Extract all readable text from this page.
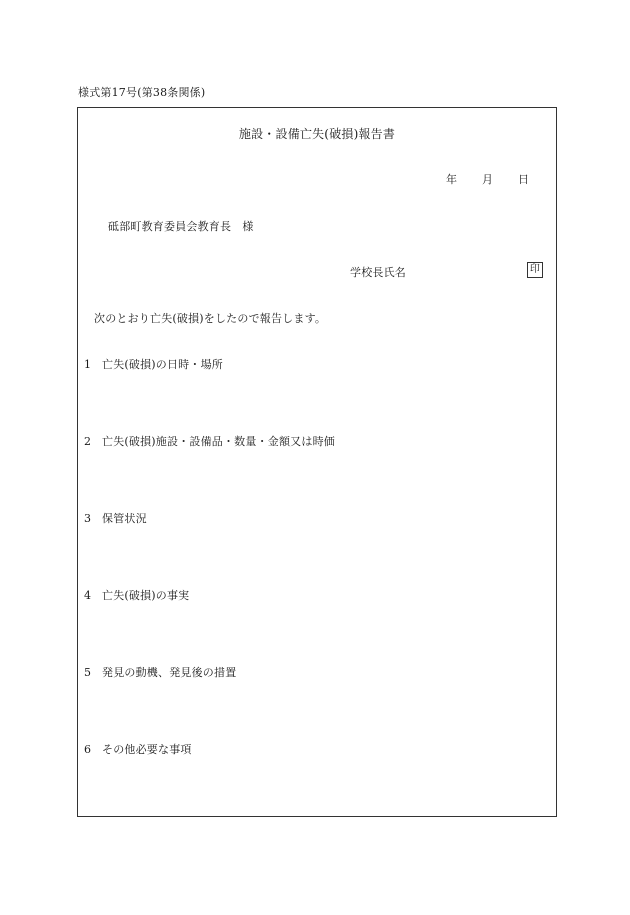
様式第17号(第38条関係)
施設・設備亡失(破損)報告書
年 月 日
砥部町教育委員会教育長　様
学校長氏名	印
次のとおり亡失(破損)をしたので報告します。
1 亡失(破損)の日時・場所
2 亡失(破損)施設・設備品・数量・金額又は時価
3 保管状況
4 亡失(破損)の事実
5 発見の動機、発見後の措置
6 その他必要な事項
